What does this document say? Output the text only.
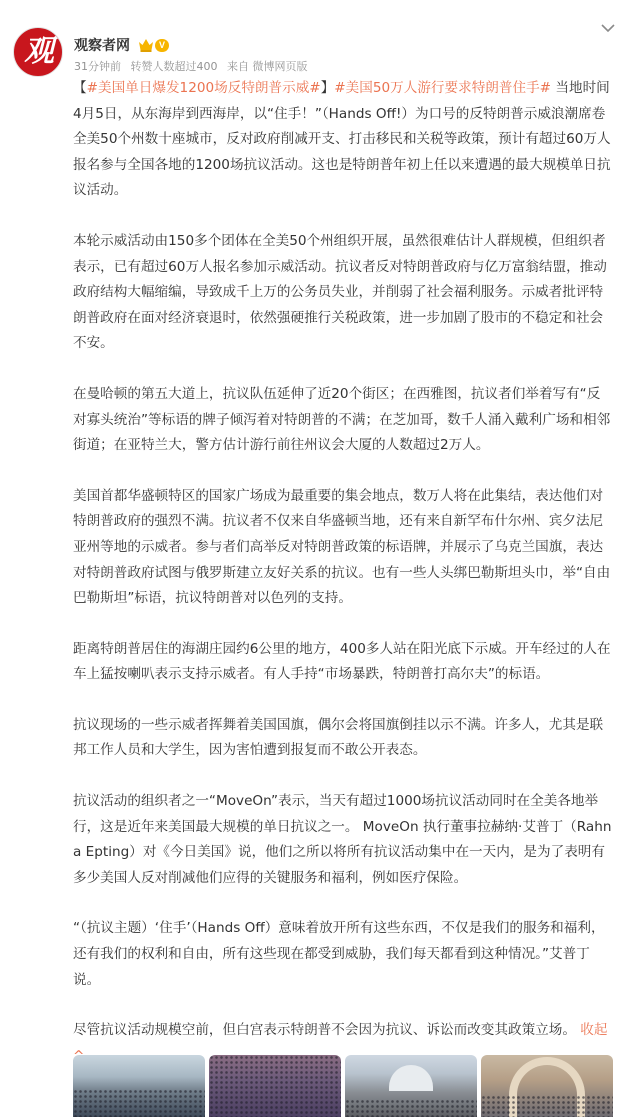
观	观察者网	V
31分钟前 转赞人数超过400 来自 微博网页版

【#美国单日爆发1200场反特朗普示威#】#美国50万人游行要求特朗普住手# 当地时间4月5日，从东海岸到西海岸，以“住手！”（Hands Off!）为口号的反特朗普示威浪潮席卷全美50个州数十座城市，反对政府削减开支、打击移民和关税等政策，预计有超过60万人报名参与全国各地的1200场抗议活动。这也是特朗普年初上任以来遭遇的最大规模单日抗议活动。

本轮示威活动由150多个团体在全美50个州组织开展，虽然很难估计人群规模，但组织者表示，已有超过60万人报名参加示威活动。抗议者反对特朗普政府与亿万富翁结盟，推动政府结构大幅缩编，导致成千上万的公务员失业，并削弱了社会福利服务。示威者批评特朗普政府在面对经济衰退时，依然强硬推行关税政策，进一步加剧了股市的不稳定和社会不安。

在曼哈顿的第五大道上，抗议队伍延伸了近20个街区；在西雅图，抗议者们举着写有“反对寡头统治”等标语的牌子倾泻着对特朗普的不满；在芝加哥，数千人涌入戴利广场和相邻街道；在亚特兰大，警方估计游行前往州议会大厦的人数超过2万人。

美国首都华盛顿特区的国家广场成为最重要的集会地点，数万人将在此集结，表达他们对特朗普政府的强烈不满。抗议者不仅来自华盛顿当地，还有来自新罕布什尔州、宾夕法尼亚州等地的示威者。参与者们高举反对特朗普政策的标语牌，并展示了乌克兰国旗，表达对特朗普政府试图与俄罗斯建立友好关系的抗议。也有一些人头绑巴勒斯坦头巾，举“自由巴勒斯坦”标语，抗议特朗普对以色列的支持。

距离特朗普居住的海湖庄园约6公里的地方，400多人站在阳光底下示威。开车经过的人在车上猛按喇叭表示支持示威者。有人手持“市场暴跌，特朗普打高尔夫”的标语。

抗议现场的一些示威者挥舞着美国国旗，偶尔会将国旗倒挂以示不满。许多人，尤其是联邦工作人员和大学生，因为害怕遭到报复而不敢公开表态。

抗议活动的组织者之一“MoveOn”表示，当天有超过1000场抗议活动同时在全美各地举行，这是近年来美国最大规模的单日抗议之一。 MoveOn 执行董事拉赫纳·艾普丁（Rahna Epting）对《今日美国》说，他们之所以将所有抗议活动集中在一天内，是为了表明有多少美国人反对削减他们应得的关键服务和福利，例如医疗保险。

“（抗议主题）‘住手’（Hands Off）意味着放开所有这些东西，不仅是我们的服务和福利，还有我们的权利和自由，所有这些现在都受到威胁，我们每天都看到这种情况。”艾普丁说。

尽管抗议活动规模空前，但白宫表示特朗普不会因为抗议、诉讼而改变其政策立场。 收起
